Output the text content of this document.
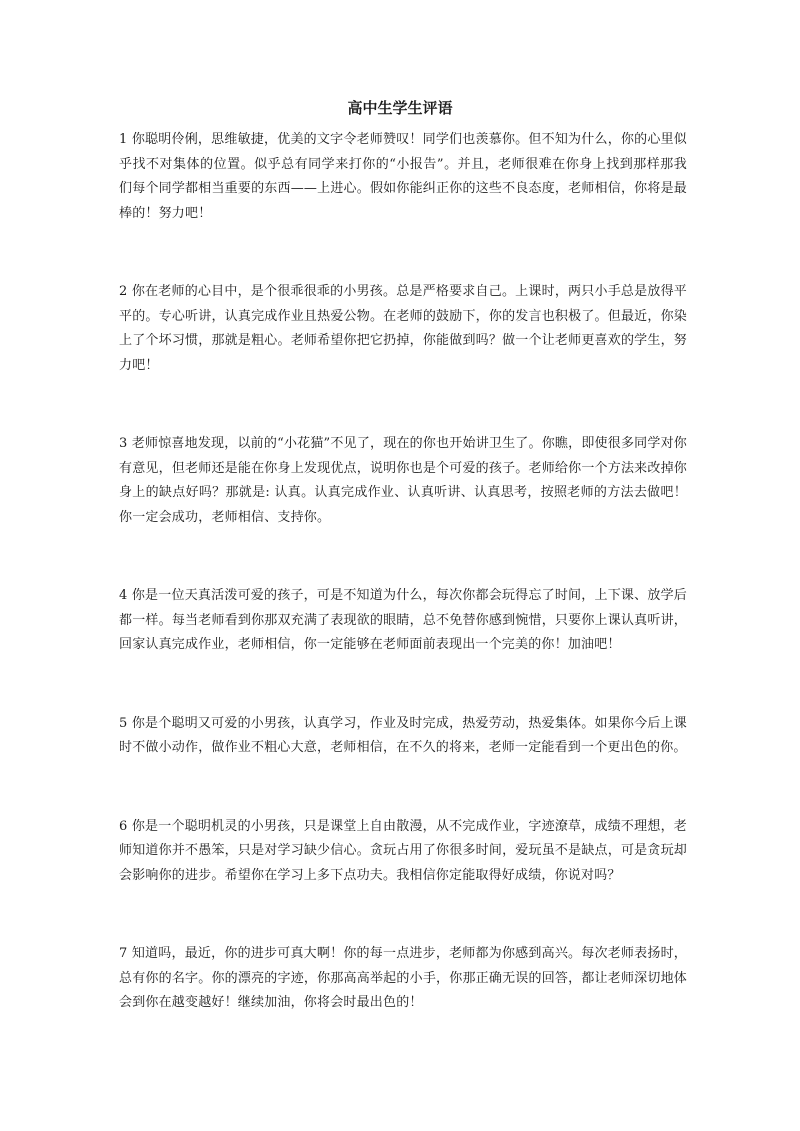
高中生学生评语

1 你聪明伶俐，思维敏捷，优美的文字令老师赞叹！同学们也羡慕你。但不知为什么，你的心里似乎找不对集体的位置。似乎总有同学来打你的“小报告”。并且，老师很难在你身上找到那样那我们每个同学都相当重要的东西——上进心。假如你能纠正你的这些不良态度，老师相信，你将是最棒的！努力吧！

2 你在老师的心目中，是个很乖很乖的小男孩。总是严格要求自己。上课时，两只小手总是放得平平的。专心听讲，认真完成作业且热爱公物。在老师的鼓励下，你的发言也积极了。但最近，你染上了个坏习惯，那就是粗心。老师希望你把它扔掉，你能做到吗？做一个让老师更喜欢的学生，努力吧！

3 老师惊喜地发现，以前的“小花猫”不见了，现在的你也开始讲卫生了。你瞧，即使很多同学对你有意见，但老师还是能在你身上发现优点，说明你也是个可爱的孩子。老师给你一个方法来改掉你身上的缺点好吗？那就是: 认真。认真完成作业、认真听讲、认真思考，按照老师的方法去做吧！你一定会成功，老师相信、支持你。

4 你是一位天真活泼可爱的孩子，可是不知道为什么，每次你都会玩得忘了时间，上下课、放学后都一样。每当老师看到你那双充满了表现欲的眼睛，总不免替你感到惋惜，只要你上课认真听讲，回家认真完成作业，老师相信，你一定能够在老师面前表现出一个完美的你！加油吧！

5 你是个聪明又可爱的小男孩，认真学习，作业及时完成，热爱劳动，热爱集体。如果你今后上课时不做小动作，做作业不粗心大意，老师相信，在不久的将来，老师一定能看到一个更出色的你。

6 你是一个聪明机灵的小男孩，只是课堂上自由散漫，从不完成作业，字迹潦草，成绩不理想，老师知道你并不愚笨，只是对学习缺少信心。贪玩占用了你很多时间，爱玩虽不是缺点，可是贪玩却会影响你的进步。希望你在学习上多下点功夫。我相信你定能取得好成绩，你说对吗？

7 知道吗，最近，你的进步可真大啊！你的每一点进步，老师都为你感到高兴。每次老师表扬时，总有你的名字。你的漂亮的字迹，你那高高举起的小手，你那正确无误的回答，都让老师深切地体会到你在越变越好！继续加油，你将会时最出色的！
